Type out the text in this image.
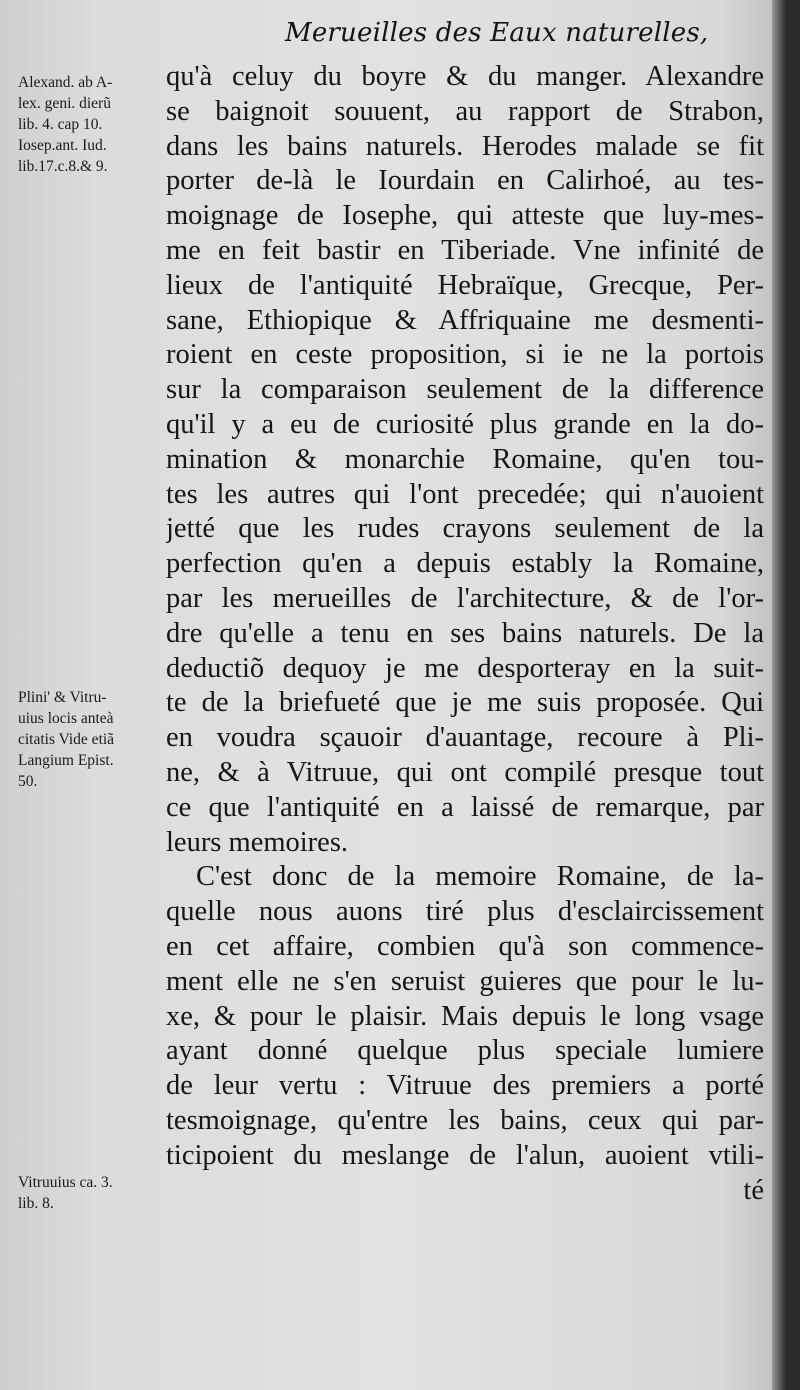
Merueilles des Eaux naturelles,
Alexand. ab A-
lex. geni. dierũ
lib. 4. cap 10.
Iosep.ant. Iud.
lib.17.c.8.& 9.
Plini' & Vitru-
uius locis anteà
citatis Vide etiã
Langium Epist.
50.
Vitruuius ca. 3.
lib. 8.
qu'à celuy du boyre & du manger. Alexandre
se baignoit souuent, au rapport de Strabon,
dans les bains naturels. Herodes malade se fit
porter de-là le Iourdain en Calirhoé, au tes-
moignage de Iosephe, qui atteste que luy-mes-
me en feit bastir en Tiberiade. Vne infinité de
lieux de l'antiquité Hebraïque, Grecque, Per-
sane, Ethiopique & Affriquaine me desmenti-
roient en ceste proposition, si ie ne la portois
sur la comparaison seulement de la difference
qu'il y a eu de curiosité plus grande en la do-
mination & monarchie Romaine, qu'en tou-
tes les autres qui l'ont precedée; qui n'auoient
jetté que les rudes crayons seulement de la
perfection qu'en a depuis estably la Romaine,
par les merueilles de l'architecture, & de l'or-
dre qu'elle a tenu en ses bains naturels. De la
deductiõ dequoy je me desporteray en la suit-
te de la briefueté que je me suis proposée. Qui
en voudra sçauoir d'auantage, recoure à Pli-
ne, & à Vitruue, qui ont compilé presque tout
ce que l'antiquité en a laissé de remarque, par
leurs memoires.
C'est donc de la memoire Romaine, de la-
quelle nous auons tiré plus d'esclaircissement
en cet affaire, combien qu'à son commence-
ment elle ne s'en seruist guieres que pour le lu-
xe, & pour le plaisir. Mais depuis le long vsage
ayant donné quelque plus speciale lumiere
de leur vertu : Vitruue des premiers a porté
tesmoignage, qu'entre les bains, ceux qui par-
ticipoient du meslange de l'alun, auoient vtili-
té
